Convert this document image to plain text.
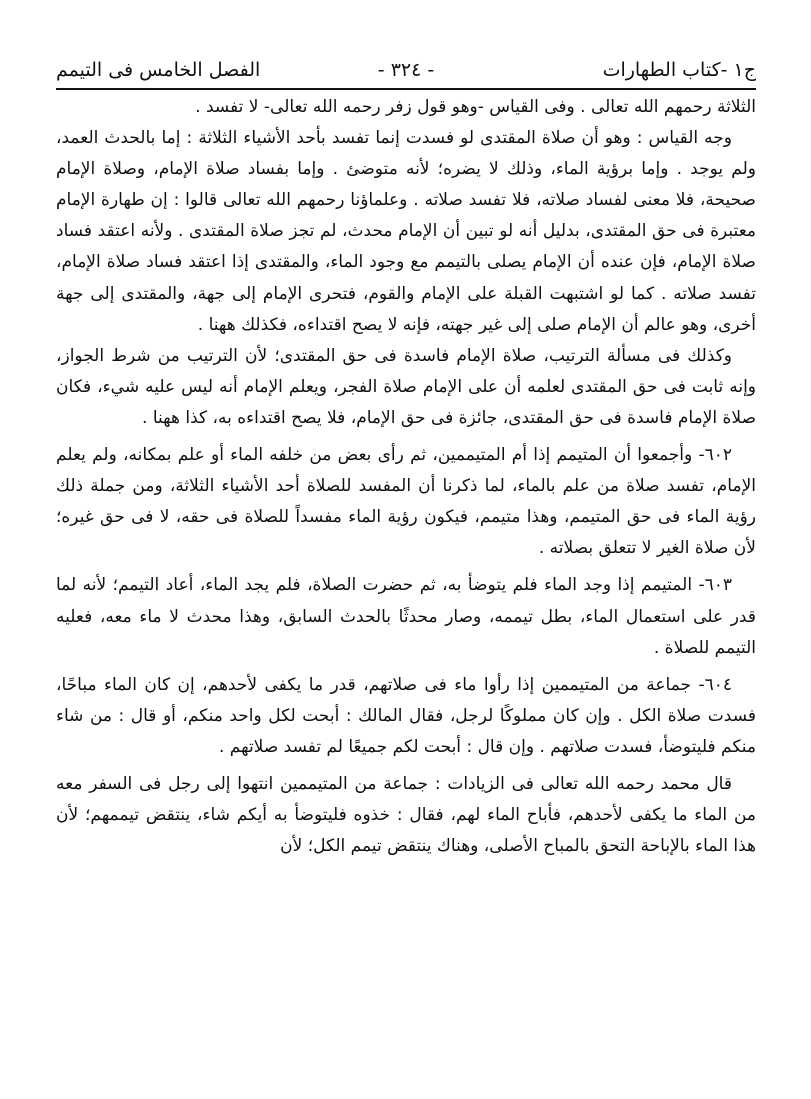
ج١ -كتاب الطهارات
- ٣٢٤ -
الفصل الخامس فى التيمم

الثلاثة رحمهم الله تعالى . وفى القياس -وهو قول زفر رحمه الله تعالى- لا تفسد .

وجه القياس : وهو أن صلاة المقتدى لو فسدت إنما تفسد بأحد الأشياء الثلاثة : إما بالحدث العمد، ولم يوجد . وإما برؤية الماء، وذلك لا يضره؛ لأنه متوضئ . وإما بفساد صلاة الإمام، وصلاة الإمام صحيحة، فلا معنى لفساد صلاته، فلا تفسد صلاته . وعلماؤنا رحمهم الله تعالى قالوا : إن طهارة الإمام معتبرة فى حق المقتدى، بدليل أنه لو تبين أن الإمام محدث، لم تجز صلاة المقتدى . ولأنه اعتقد فساد صلاة الإمام، فإن عنده أن الإمام يصلى بالتيمم مع وجود الماء، والمقتدى إذا اعتقد فساد صلاة الإمام، تفسد صلاته . كما لو اشتبهت القبلة على الإمام والقوم، فتحرى الإمام إلى جهة، والمقتدى إلى جهة أخرى، وهو عالم أن الإمام صلى إلى غير جهته، فإنه لا يصح اقتداءه، فكذلك ههنا .

وكذلك فى مسألة الترتيب، صلاة الإمام فاسدة فى حق المقتدى؛ لأن الترتيب من شرط الجواز، وإنه ثابت فى حق المقتدى لعلمه أن على الإمام صلاة الفجر، ويعلم الإمام أنه ليس عليه شيء، فكان صلاة الإمام فاسدة فى حق المقتدى، جائزة فى حق الإمام، فلا يصح اقتداءه به، كذا ههنا .

٦٠٢- وأجمعوا أن المتيمم إذا أم المتيممين، ثم رأى بعض من خلفه الماء أو علم بمكانه، ولم يعلم الإمام، تفسد صلاة من علم بالماء، لما ذكرنا أن المفسد للصلاة أحد الأشياء الثلاثة، ومن جملة ذلك رؤية الماء فى حق المتيمم، وهذا متيمم، فيكون رؤية الماء مفسداً للصلاة فى حقه، لا فى حق غيره؛ لأن صلاة الغير لا تتعلق بصلاته .

٦٠٣- المتيمم إذا وجد الماء فلم يتوضأ به، ثم حضرت الصلاة، فلم يجد الماء، أعاد التيمم؛ لأنه لما قدر على استعمال الماء، بطل تيممه، وصار محدثًا بالحدث السابق، وهذا محدث لا ماء معه، فعليه التيمم للصلاة .

٦٠٤- جماعة من المتيممين إذا رأوا ماء فى صلاتهم، قدر ما يكفى لأحدهم، إن كان الماء مباحًا، فسدت صلاة الكل . وإن كان مملوكًا لرجل، فقال المالك : أبحت لكل واحد منكم، أو قال : من شاء منكم فليتوضأ، فسدت صلاتهم . وإن قال : أبحت لكم جميعًا لم تفسد صلاتهم .

قال محمد رحمه الله تعالى فى الزيادات : جماعة من المتيممين انتهوا إلى رجل فى السفر معه من الماء ما يكفى لأحدهم، فأباح الماء لهم، فقال : خذوه فليتوضأ به أيكم شاء، ينتقض تيممهم؛ لأن هذا الماء بالإباحة التحق بالمباح الأصلى، وهناك ينتقض تيمم الكل؛ لأن
